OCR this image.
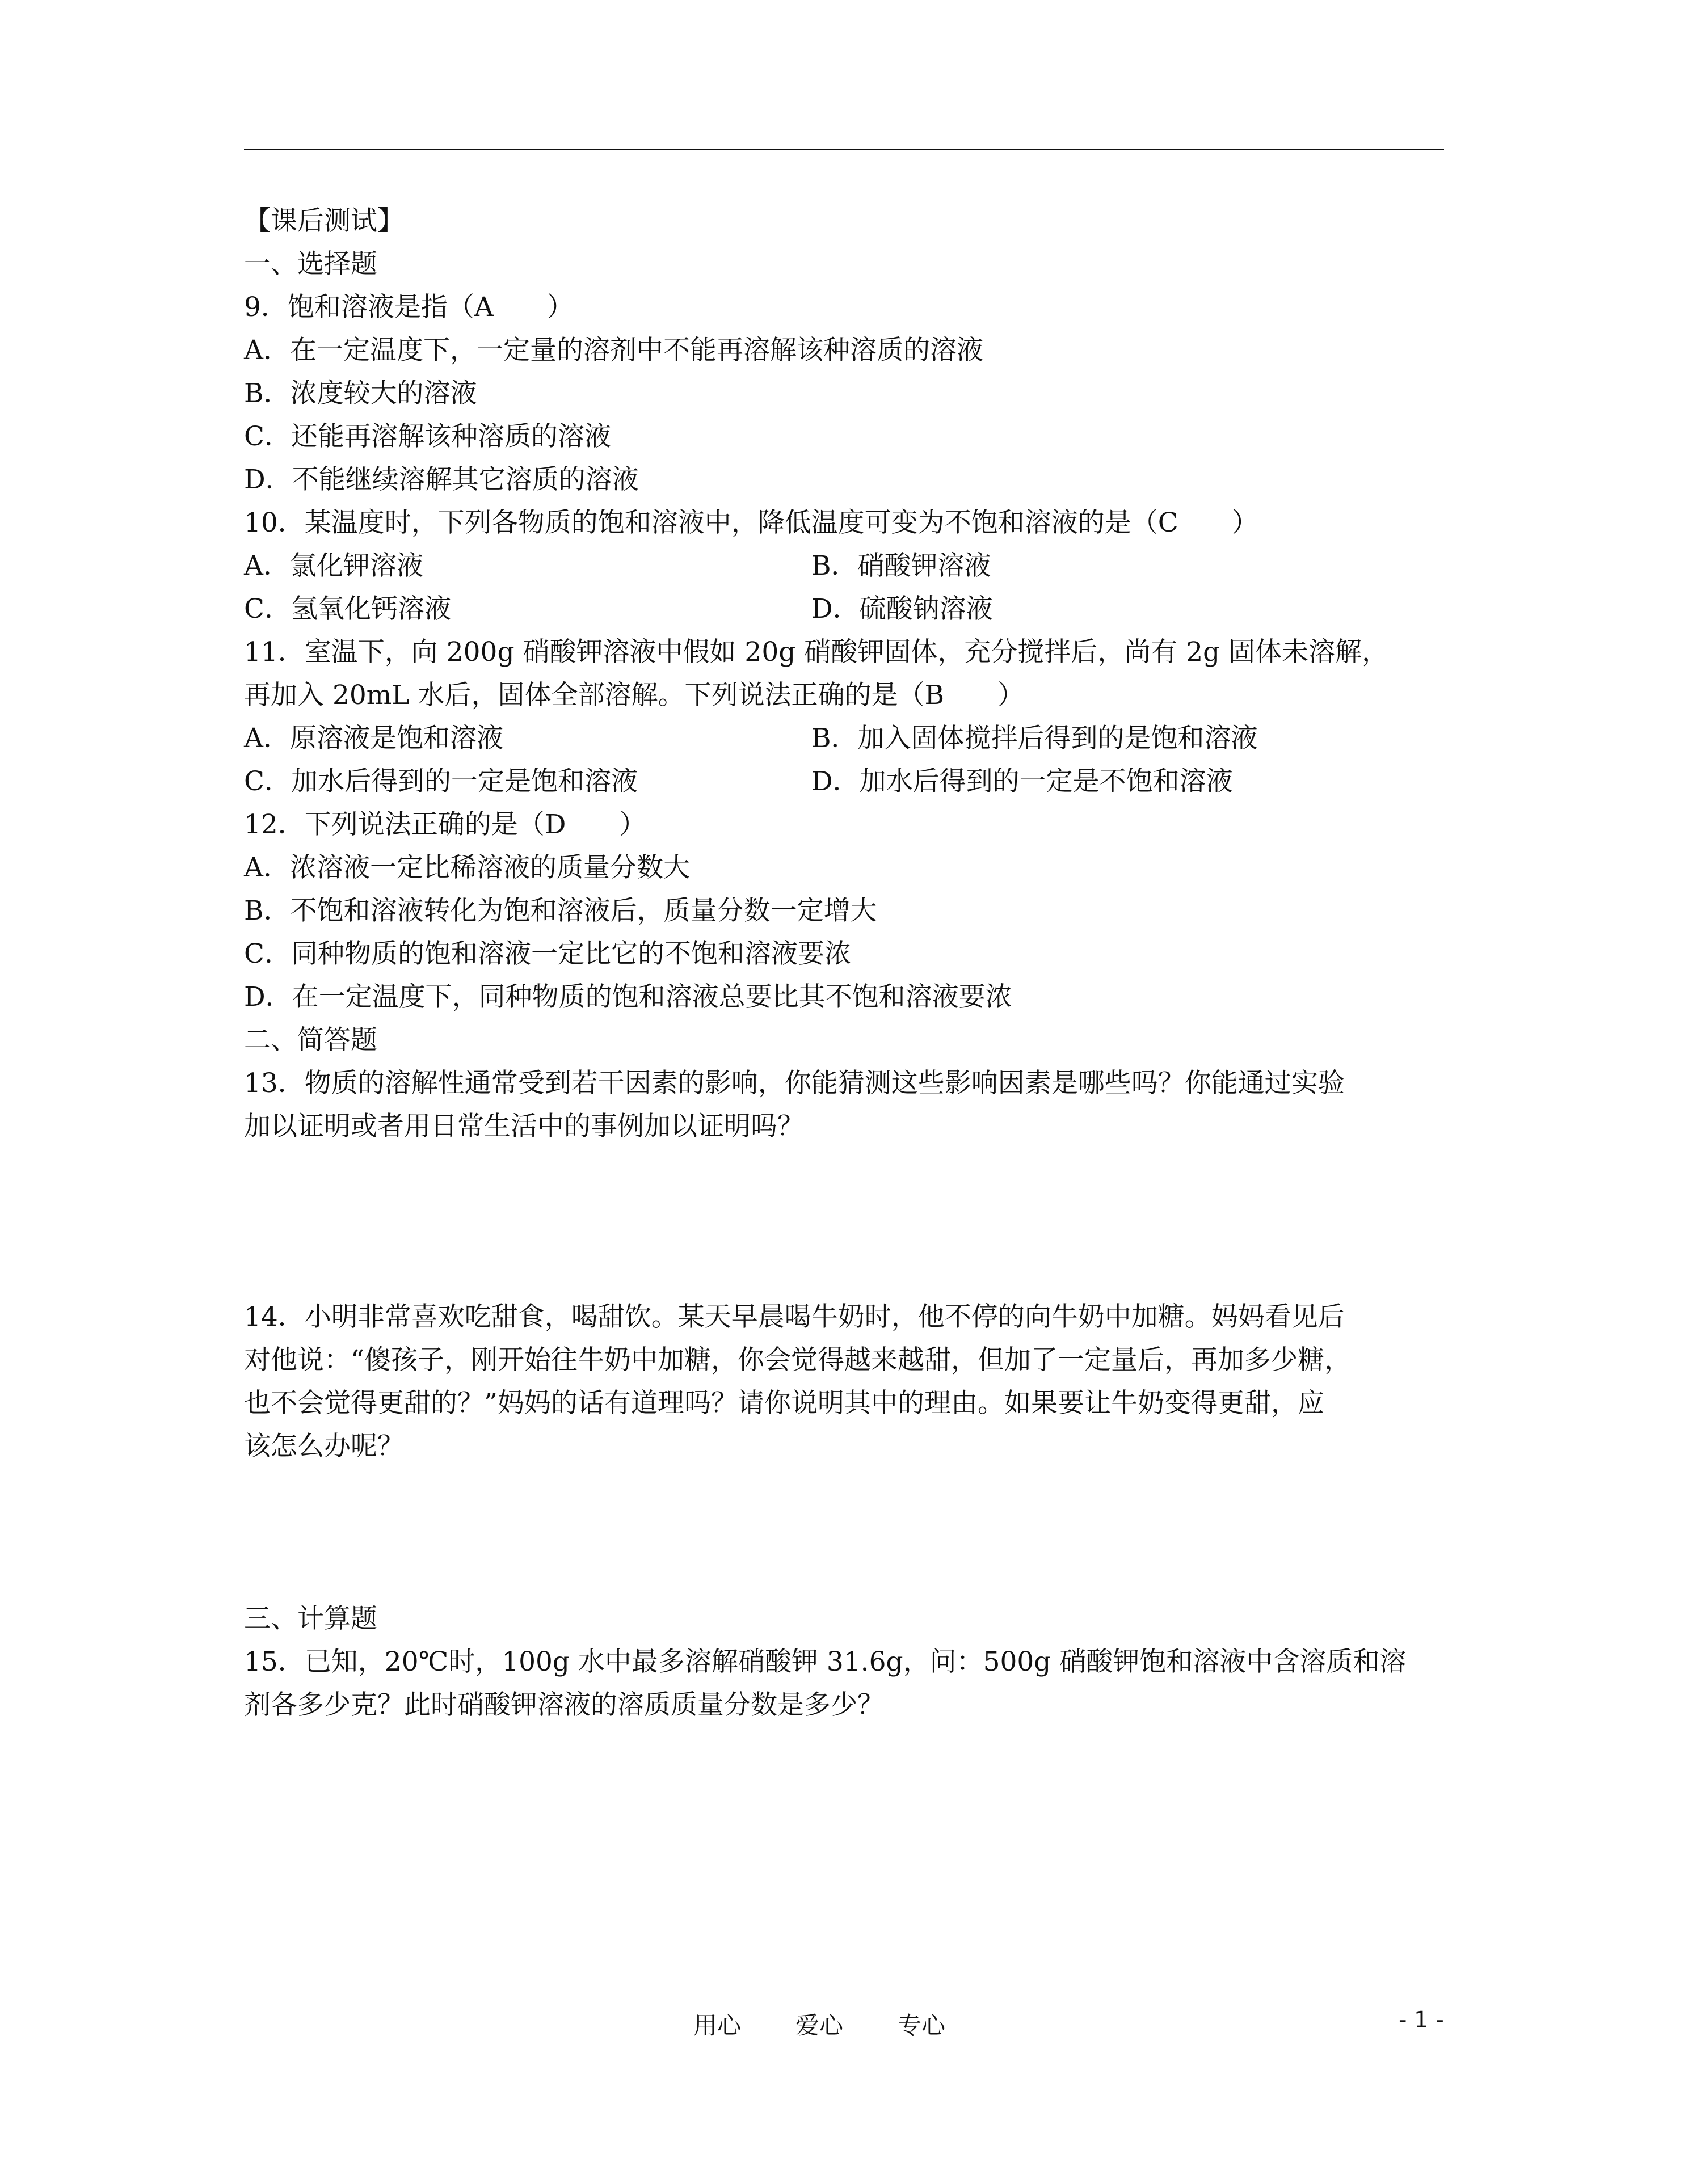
【课后测试】
一、选择题
9．饱和溶液是指（A　　）
A．在一定温度下，一定量的溶剂中不能再溶解该种溶质的溶液
B．浓度较大的溶液
C．还能再溶解该种溶质的溶液
D．不能继续溶解其它溶质的溶液
10．某温度时，下列各物质的饱和溶液中，降低温度可变为不饱和溶液的是（C　　）
A．氯化钾溶液	B．硝酸钾溶液
C．氢氧化钙溶液	D．硫酸钠溶液
11．室温下，向 200g 硝酸钾溶液中假如 20g 硝酸钾固体，充分搅拌后，尚有 2g 固体未溶解，
再加入 20mL 水后，固体全部溶解。下列说法正确的是（B　　）
A．原溶液是饱和溶液	B．加入固体搅拌后得到的是饱和溶液
C．加水后得到的一定是饱和溶液	D．加水后得到的一定是不饱和溶液
12．下列说法正确的是（D　　）
A．浓溶液一定比稀溶液的质量分数大
B．不饱和溶液转化为饱和溶液后，质量分数一定增大
C．同种物质的饱和溶液一定比它的不饱和溶液要浓
D．在一定温度下，同种物质的饱和溶液总要比其不饱和溶液要浓
二、简答题
13．物质的溶解性通常受到若干因素的影响，你能猜测这些影响因素是哪些吗？你能通过实验
加以证明或者用日常生活中的事例加以证明吗？
14．小明非常喜欢吃甜食，喝甜饮。某天早晨喝牛奶时，他不停的向牛奶中加糖。妈妈看见后
对他说：“傻孩子，刚开始往牛奶中加糖，你会觉得越来越甜，但加了一定量后，再加多少糖，
也不会觉得更甜的？”妈妈的话有道理吗？请你说明其中的理由。如果要让牛奶变得更甜，应
该怎么办呢？
三、计算题
15．已知，20℃时，100g 水中最多溶解硝酸钾 31.6g，问：500g 硝酸钾饱和溶液中含溶质和溶
剂各多少克？此时硝酸钾溶液的溶质质量分数是多少？
用心 爱心 专心	- 1 -
